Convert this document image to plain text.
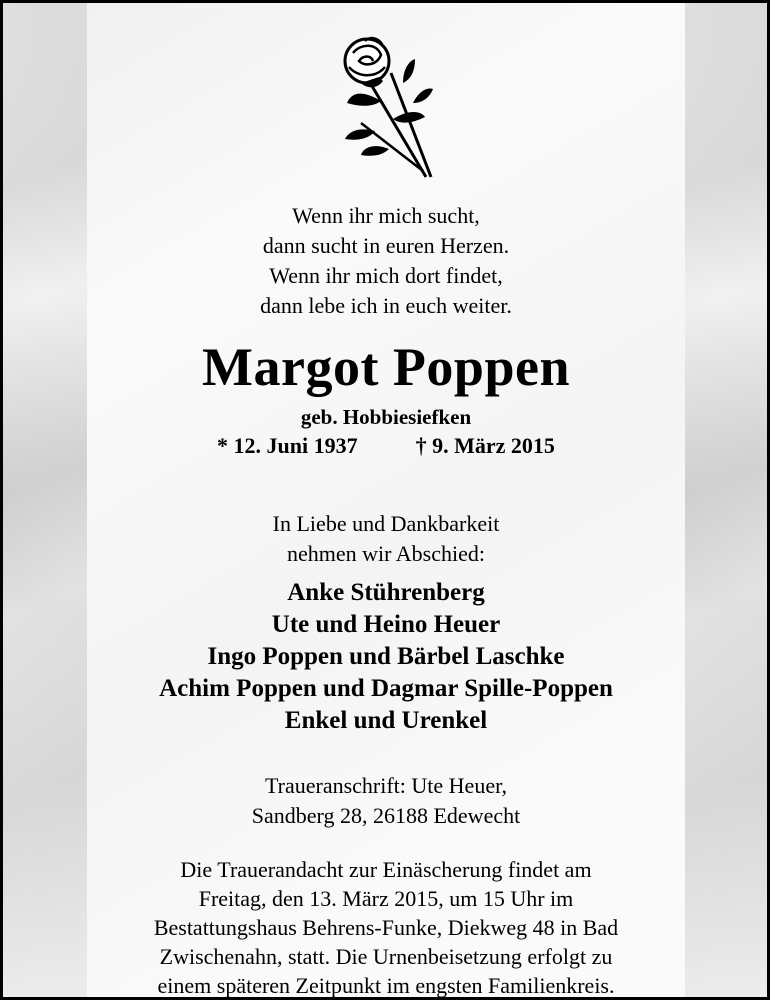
Wenn ihr mich sucht,
dann sucht in euren Herzen.
Wenn ihr mich dort findet,
dann lebe ich in euch weiter.
Margot Poppen
geb. Hobbiesiefken
* 12. Juni 1937	† 9. März 2015
In Liebe und Dankbarkeit
nehmen wir Abschied:
Anke Stührenberg
Ute und Heino Heuer
Ingo Poppen und Bärbel Laschke
Achim Poppen und Dagmar Spille-Poppen
Enkel und Urenkel
Traueranschrift: Ute Heuer,
Sandberg 28, 26188 Edewecht
Die Trauerandacht zur Einäscherung findet am
Freitag, den 13. März 2015, um 15 Uhr im
Bestattungshaus Behrens-Funke, Diekweg 48 in Bad
Zwischenahn, statt. Die Urnenbeisetzung erfolgt zu
einem späteren Zeitpunkt im engsten Familienkreis.
